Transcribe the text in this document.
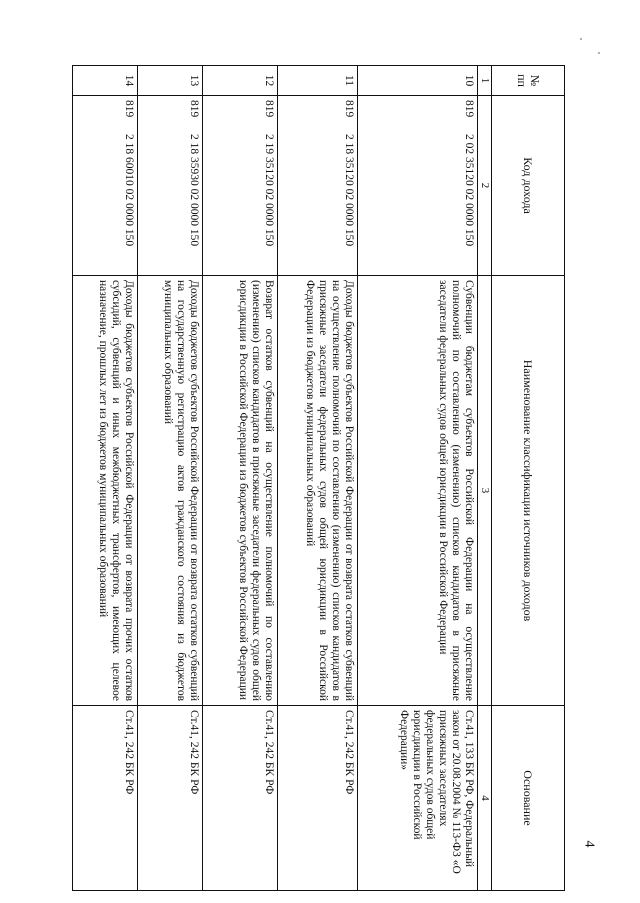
4
№ пп	Код дохода	Наименование классификации источников доходов	Основание
1	2	3	4
10	8192 02 35120 02 0000 150	Субвенции бюджетам субъектов Российской Федерации на осуществление полномочий по составлению (изменению) списков кандидатов в присяжные заседатели федеральных судов общей юрисдикции в Российской Федерации	Ст.41, 133 БК РФ, Федеральный закон от 20.08.2004 № 113-ФЗ «О присяжных заседателях федеральных судов общей юрисдикции в Российской Федерации»
11	8192 18 35120 02 0000 150	Доходы бюджетов субъектов Российской Федерации от возврата остатков субвенций на осуществление полномочий по составлению (изменению) списков кандидатов в присяжные заседатели федеральных судов общей юрисдикции в Российской Федерации из бюджетов муниципальных образований	Ст.41, 242 БК РФ
12	8192 19 35120 02 0000 150	Возврат остатков субвенций на осуществление полномочий по составлению (изменению) списков кандидатов в присяжные заседатели федеральных судов общей юрисдикции в Российской Федерации из бюджетов субъектов Российской Федерации	Ст.41, 242 БК РФ
13	8192 18 35930 02 0000 150	Доходы бюджетов субъектов Российской Федерации от возврата остатков субвенций на государственную регистрацию актов гражданского состояния из бюджетов муниципальных образований	Ст.41, 242 БК РФ
14	8192 18 60010 02 0000 150	Доходы бюджетов субъектов Российской Федерации от возврата прочих остатков субсидий, субвенций и иных межбюджетных трансфертов, имеющих целевое назначение, прошлых лет из бюджетов муниципальных образований	Ст.41, 242 БК РФ
